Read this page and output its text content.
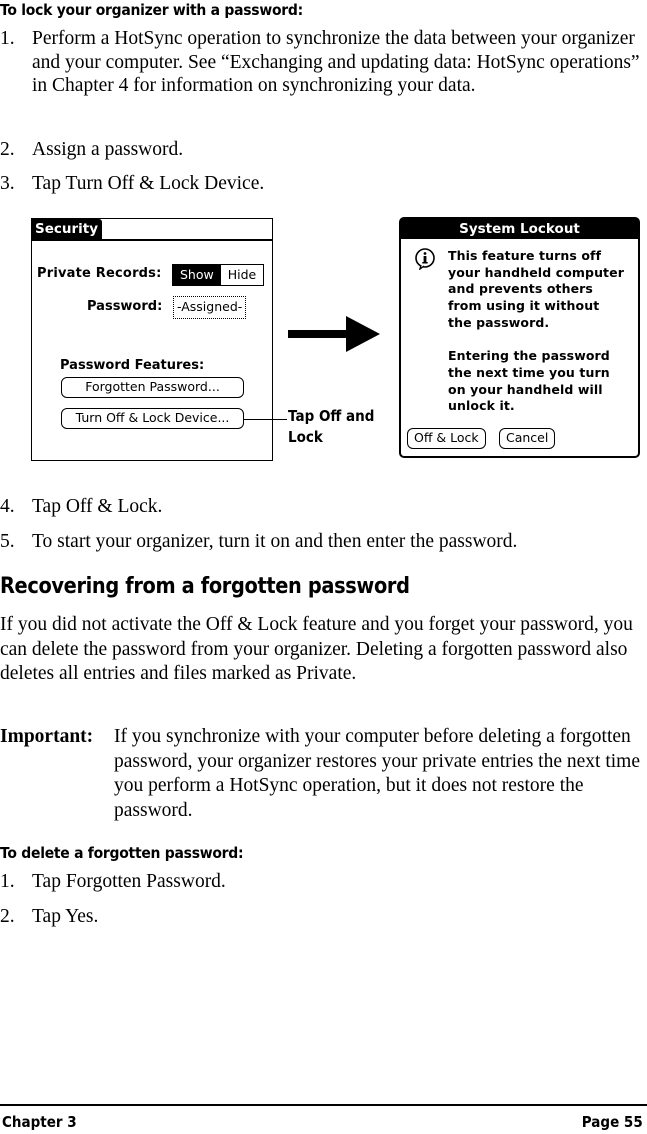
To lock your organizer with a password:
1. Perform a HotSync operation to synchronize the data between your organizer and your computer. See “Exchanging and updating data: HotSync operations” in Chapter 4 for information on synchronizing your data.
2. Assign a password.
3. Tap Turn Off & Lock Device.
Security
Private Records:	Show	Hide
Password:	-Assigned-
Password Features:
Forgotten Password...
Turn Off & Lock Device...	Tap Off and
Lock
System Lockout
This feature turns off
your handheld computer
and prevents others
from using it without
the password.
Entering the password
the next time you turn
on your handheld will
unlock it.
Off & Lock	Cancel
4. Tap Off & Lock.
5. To start your organizer, turn it on and then enter the password.
Recovering from a forgotten password
If you did not activate the Off & Lock feature and you forget your password, you can delete the password from your organizer. Deleting a forgotten password also deletes all entries and files marked as Private.
Important: If you synchronize with your computer before deleting a forgotten password, your organizer restores your private entries the next time you perform a HotSync operation, but it does not restore the password.
To delete a forgotten password:
1. Tap Forgotten Password.
2. Tap Yes.
Chapter 3	Page 55
